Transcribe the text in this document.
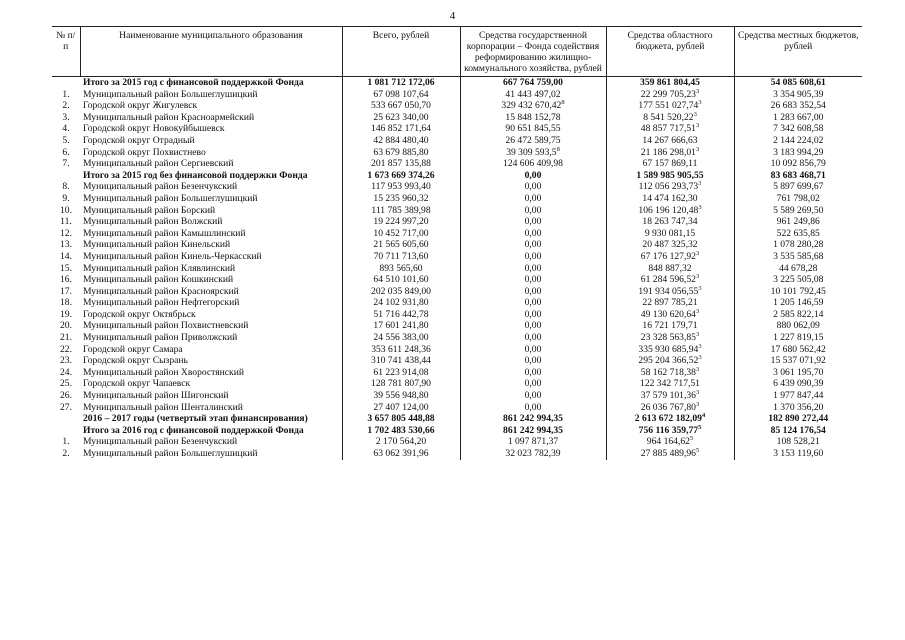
4
№ п/п	Наименование муниципального образования	Всего, рублей	Средства государственной корпорации – Фонда содействия реформированию жилищно-коммунального хозяйства, рублей	Средства областного бюджета, рублей	Средства местных бюджетов, рублей
	Итого за 2015 год с финансовой поддержкой Фонда	1 081 712 172,06	667 764 759,00	359 861 804,45	54 085 608,61
1.	Муниципальный район Большеглушицкий	67 098 107,64	41 443 497,02	22 299 705,23$^3$	3 354 905,39
2.	Городской округ Жигулевск	533 667 050,70	329 432 670,42$^8$	177 551 027,74$^3$	26 683 352,54
3.	Муниципальный район Красноармейский	25 623 340,00	15 848 152,78	8 541 520,22$^3$	1 283 667,00
4.	Городской округ Новокуйбышевск	146 852 171,64	90 651 845,55	48 857 717,51$^3$	7 342 608,58
5.	Городской округ Отрадный	42 884 480,40	26 472 589,75	14 267 666,63	2 144 224,02
6.	Городской округ Похвистнево	63 679 885,80	39 309 593,5$^8$	21 186 298,01$^3$	3 183 994,29
7.	Муниципальный район Сергиевский	201 857 135,88	124 606 409,98	67 157 869,11	10 092 856,79
	Итого за 2015 год без финансовой поддержки Фонда	1 673 669 374,26	0,00	1 589 985 905,55	83 683 468,71
8.	Муниципальный район Безенчукский	117 953 993,40	0,00	112 056 293,73$^3$	5 897 699,67
9.	Муниципальный район Большеглушицкий	15 235 960,32	0,00	14 474 162,30	761 798,02
10.	Муниципальный район Борский	111 785 389,98	0,00	106 196 120,48$^3$	5 589 269,50
11.	Муниципальный район Волжский	19 224 997,20	0,00	18 263 747,34	961 249,86
12.	Муниципальный район Камышлинский	10 452 717,00	0,00	9 930 081,15	522 635,85
13.	Муниципальный район Кинельский	21 565 605,60	0,00	20 487 325,32	1 078 280,28
14.	Муниципальный район Кинель-Черкасский	70 711 713,60	0,00	67 176 127,92$^3$	3 535 585,68
15.	Муниципальный район Клявлинский	893 565,60	0,00	848 887,32	44 678,28
16.	Муниципальный район Кошкинский	64 510 101,60	0,00	61 284 596,52$^3$	3 225 505,08
17.	Муниципальный район Красноярский	202 035 849,00	0,00	191 934 056,55$^3$	10 101 792,45
18.	Муниципальный район Нефтегорский	24 102 931,80	0,00	22 897 785,21	1 205 146,59
19.	Городской округ Октябрьск	51 716 442,78	0,00	49 130 620,64$^3$	2 585 822,14
20.	Муниципальный район Похвистневский	17 601 241,80	0,00	16 721 179,71	880 062,09
21.	Муниципальный район Приволжский	24 556 383,00	0,00	23 328 563,85$^3$	1 227 819,15
22.	Городской округ Самара	353 611 248,36	0,00	335 930 685,94$^3$	17 680 562,42
23.	Городской округ Сызрань	310 741 438,44	0,00	295 204 366,52$^3$	15 537 071,92
24.	Муниципальный район Хворостянский	61 223 914,08	0,00	58 162 718,38$^3$	3 061 195,70
25.	Городской округ Чапаевск	128 781 807,90	0,00	122 342 717,51	6 439 090,39
26.	Муниципальный район Шигонский	39 556 948,80	0,00	37 579 101,36$^3$	1 977 847,44
27.	Муниципальный район Шенталинский	27 407 124,00	0,00	26 036 767,80$^3$	1 370 356,20
	2016 – 2017 годы (четвертый этап финансирования)	3 657 805 448,88	861 242 994,35	2 613 672 182,09$^4$	182 890 272,44
	Итого за 2016 год с финансовой поддержкой Фонда	1 702 483 530,66	861 242 994,35	756 116 359,77$^5$	85 124 176,54
1.	Муниципальный район Безенчукский	2 170 564,20	1 097 871,37	964 164,62$^5$	108 528,21
2.	Муниципальный район Большеглушицкий	63 062 391,96	32 023 782,39	27 885 489,96$^5$	3 153 119,60
